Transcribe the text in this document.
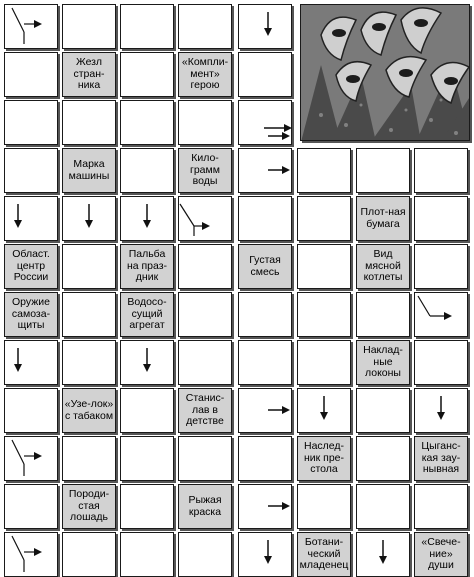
Жезл стран-ника
«Компли-мент» герою
Марка машины
Кило-грамм воды
Плот-ная бумага
Област. центр России
Пальба на праз-дник
Густая смесь
Вид мясной котлеты
Оружие самоза-щиты
Водосо-сущий агрегат
Наклад-ные локоны
«Узе-лок» с табаком
Станис-лав в детстве
Наслед-ник пре-стола
Цыганс-кая зау-нывная
Породи-стая лошадь
Рыжая краска
Ботани-ческий младенец
«Свече-ние» души
